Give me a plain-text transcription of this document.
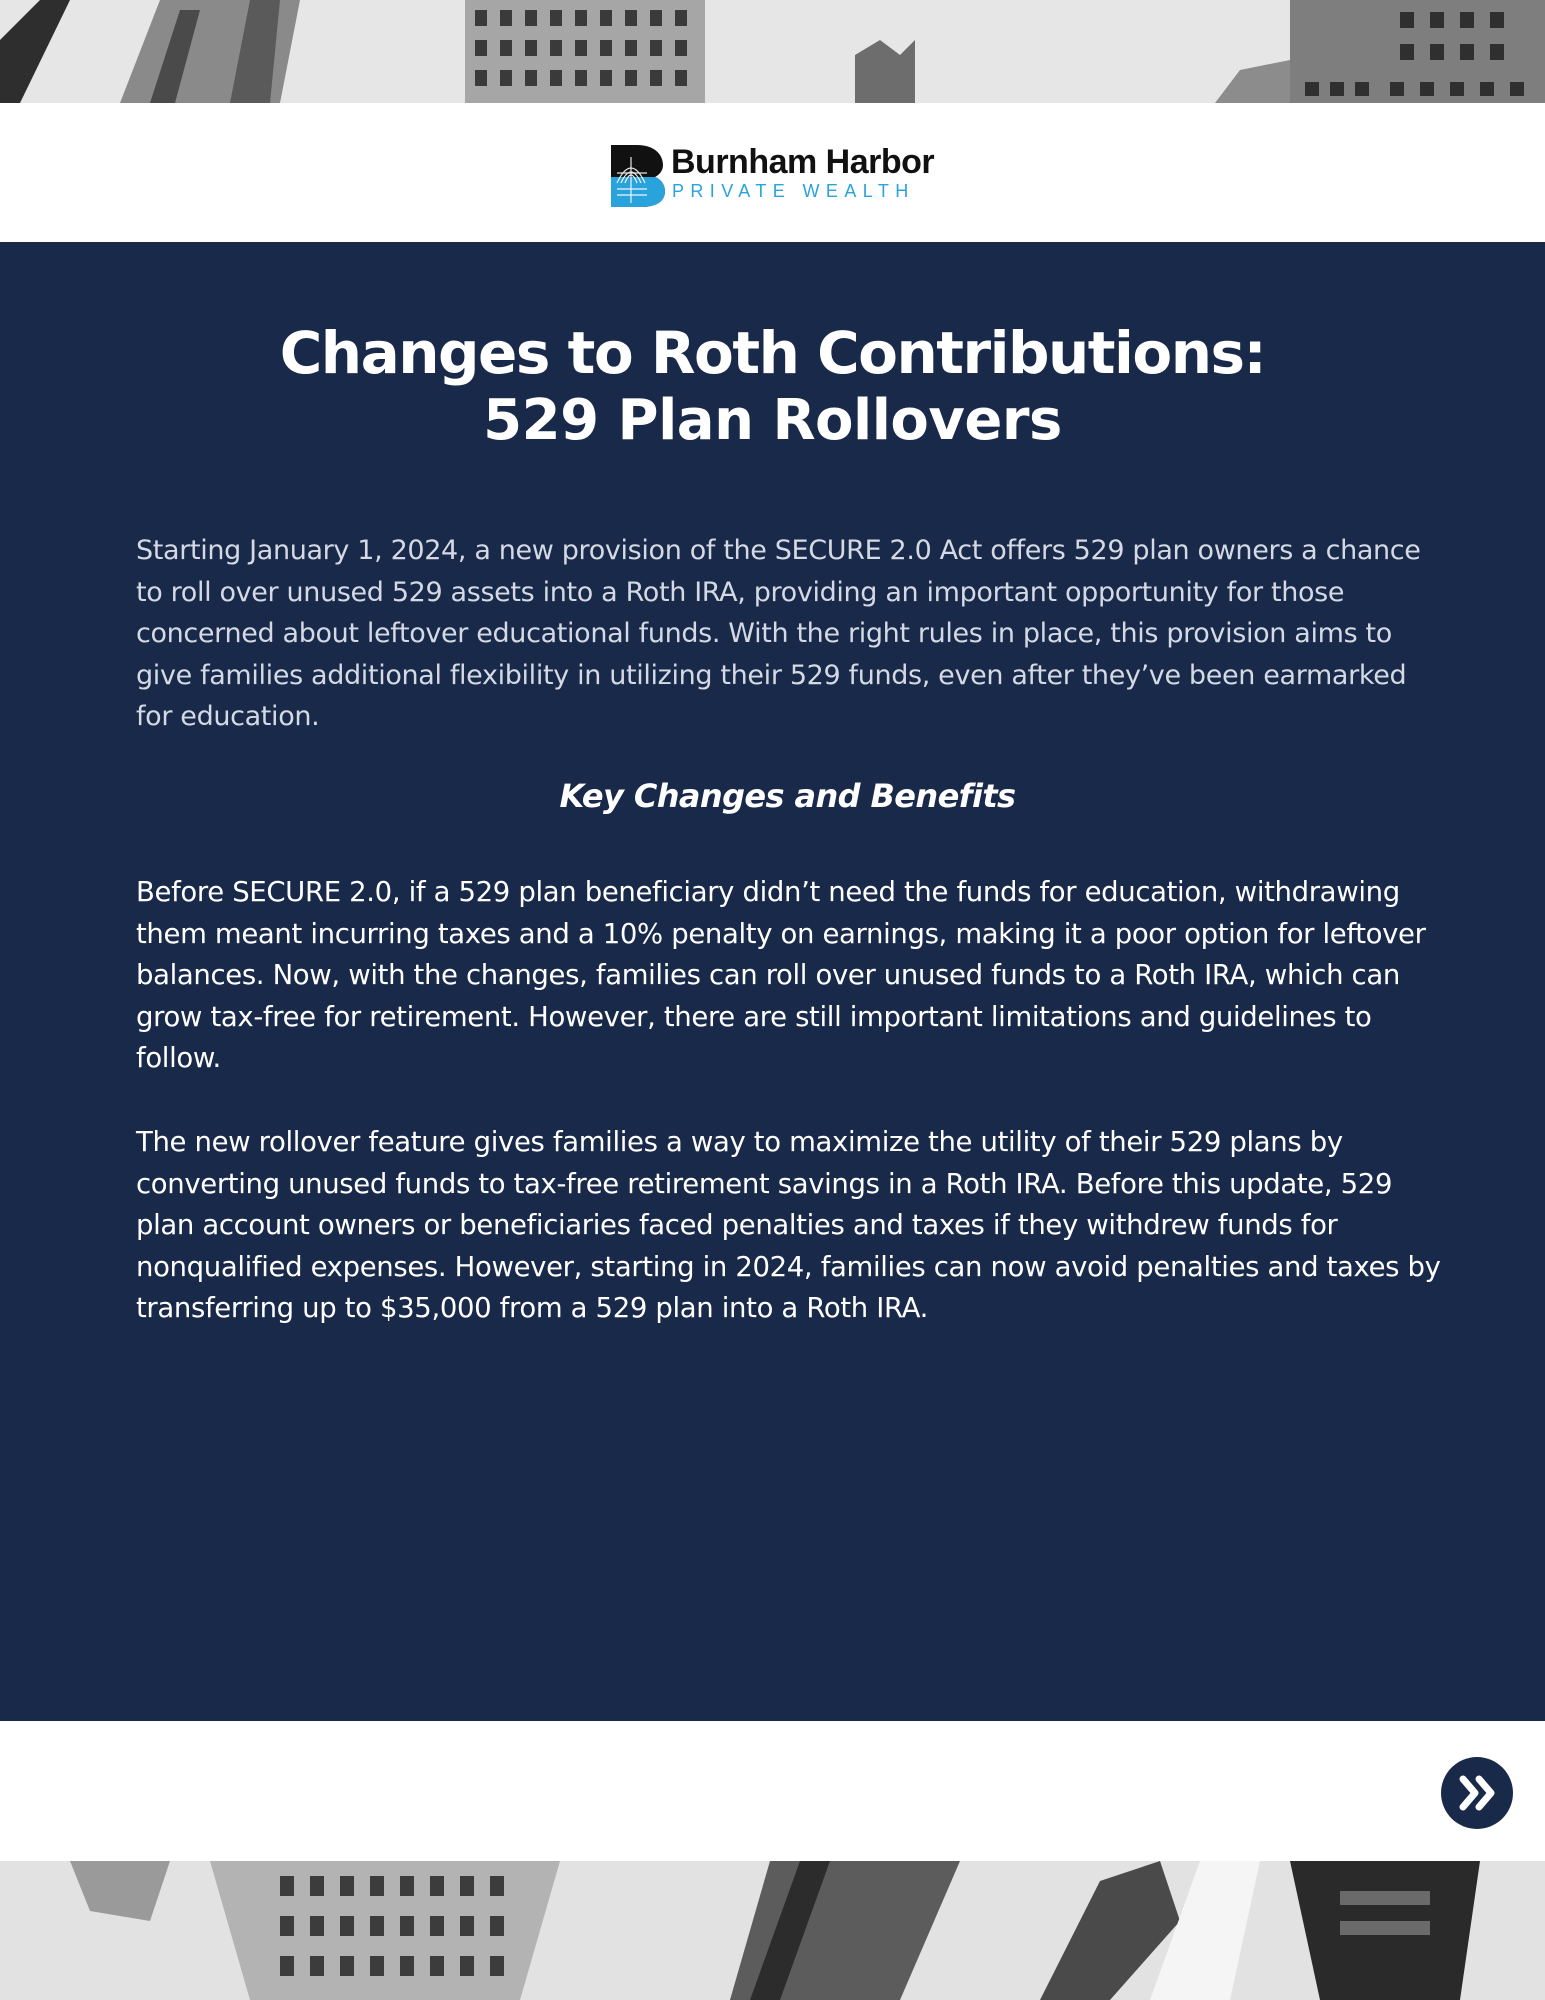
Burnham Harbor
PRIVATE WEALTH
Changes to Roth Contributions:
529 Plan Rollovers

Starting January 1, 2024, a new provision of the SECURE 2.0 Act offers 529 plan owners a chance to roll over unused 529 assets into a Roth IRA, providing an important opportunity for those concerned about leftover educational funds. With the right rules in place, this provision aims to give families additional flexibility in utilizing their 529 funds, even after they’ve been earmarked for education.

Key Changes and Benefits

Before SECURE 2.0, if a 529 plan beneficiary didn’t need the funds for education, withdrawing them meant incurring taxes and a 10% penalty on earnings, making it a poor option for leftover balances. Now, with the changes, families can roll over unused funds to a Roth IRA, which can grow tax-free for retirement. However, there are still important limitations and guidelines to follow.

The new rollover feature gives families a way to maximize the utility of their 529 plans by converting unused funds to tax-free retirement savings in a Roth IRA. Before this update, 529 plan account owners or beneficiaries faced penalties and taxes if they withdrew funds for nonqualified expenses. However, starting in 2024, families can now avoid penalties and taxes by transferring up to $35,000 from a 529 plan into a Roth IRA.
